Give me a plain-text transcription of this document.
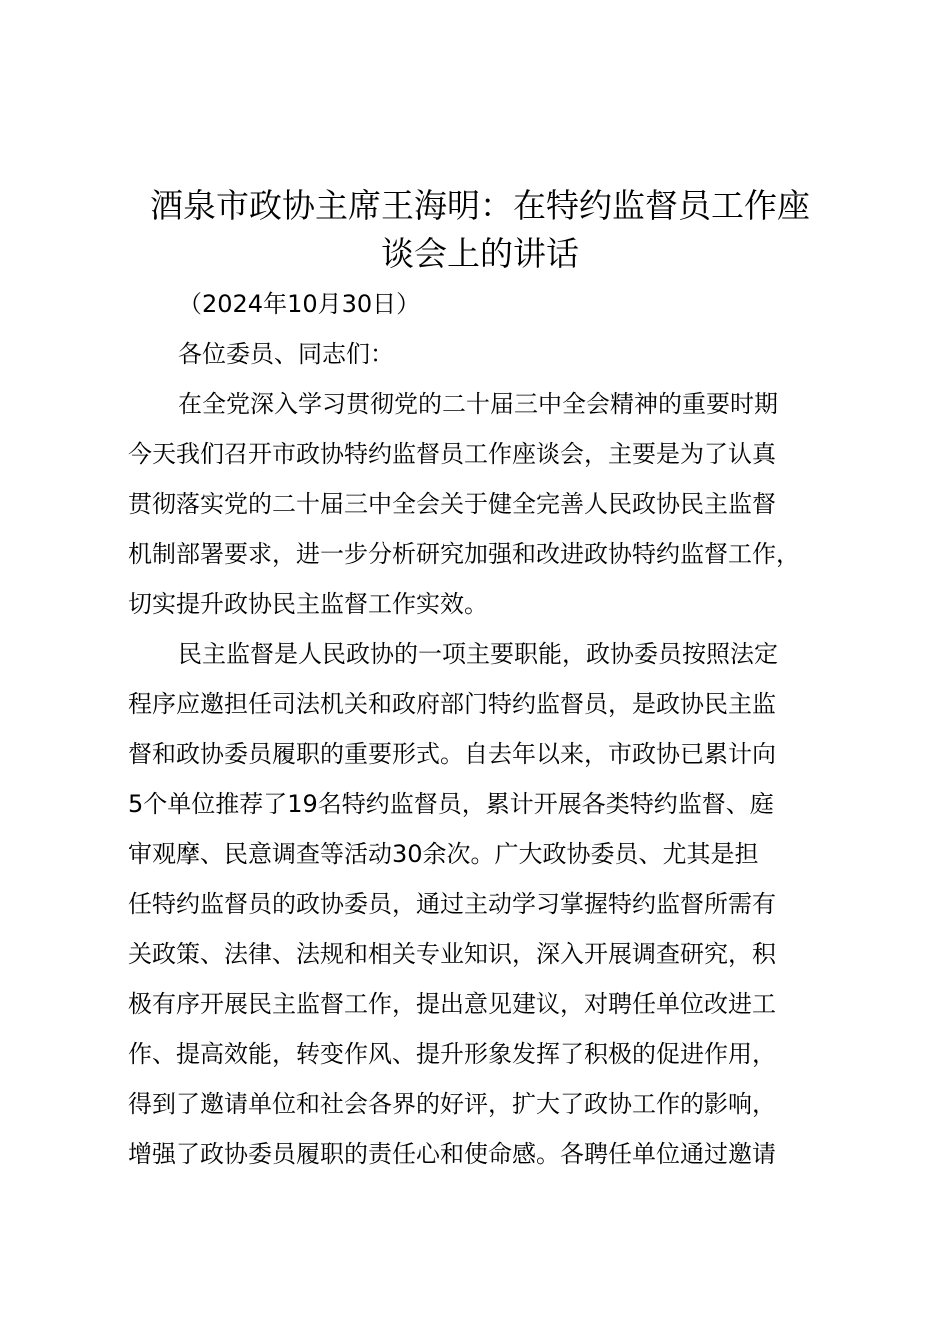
酒泉市政协主席王海明：在特约监督员工作座
谈会上的讲话
（2024年10月30日）
各位委员、同志们：
在全党深入学习贯彻党的二十届三中全会精神的重要时期
今天我们召开市政协特约监督员工作座谈会，主要是为了认真
贯彻落实党的二十届三中全会关于健全完善人民政协民主监督
机制部署要求，进一步分析研究加强和改进政协特约监督工作，
切实提升政协民主监督工作实效。
民主监督是人民政协的一项主要职能，政协委员按照法定
程序应邀担任司法机关和政府部门特约监督员，是政协民主监
督和政协委员履职的重要形式。自去年以来，市政协已累计向
5个单位推荐了19名特约监督员，累计开展各类特约监督、庭
审观摩、民意调查等活动30余次。广大政协委员、尤其是担
任特约监督员的政协委员，通过主动学习掌握特约监督所需有
关政策、法律、法规和相关专业知识，深入开展调查研究，积
极有序开展民主监督工作，提出意见建议，对聘任单位改进工
作、提高效能，转变作风、提升形象发挥了积极的促进作用，
得到了邀请单位和社会各界的好评，扩大了政协工作的影响，
增强了政协委员履职的责任心和使命感。各聘任单位通过邀请
